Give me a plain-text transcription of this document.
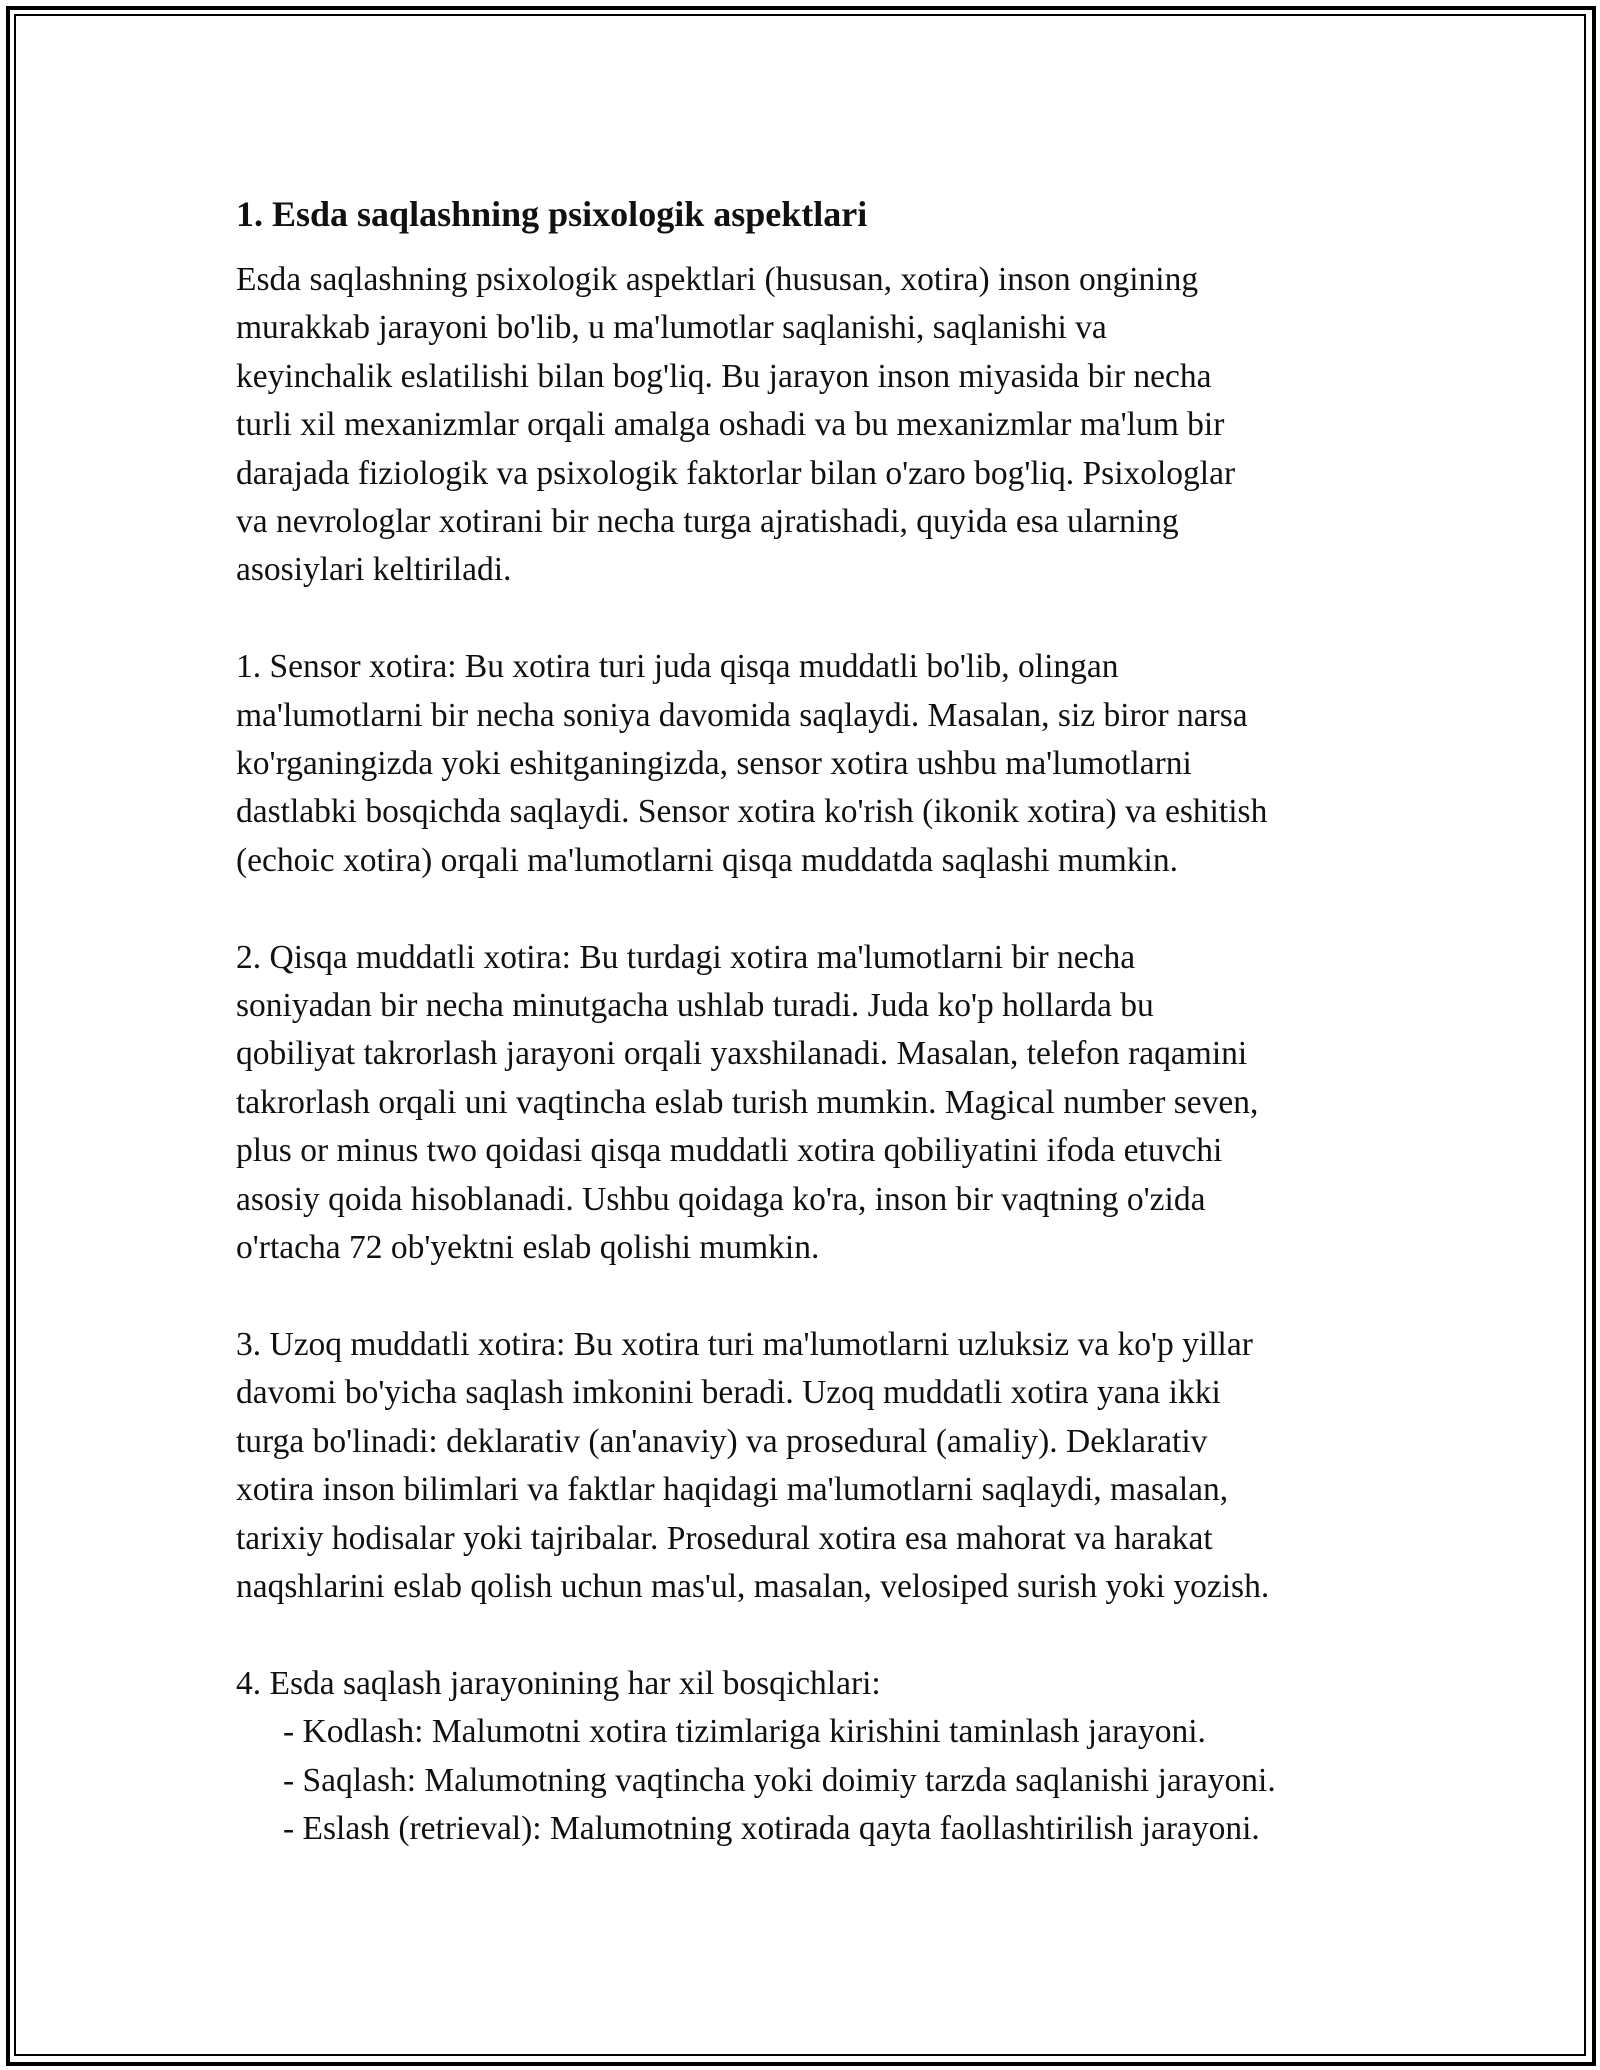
1. Esda saqlashning psixologik aspektlari
Esda saqlashning psixologik aspektlari (hususan, xotira) inson ongining
murakkab jarayoni bo'lib, u ma'lumotlar saqlanishi, saqlanishi va
keyinchalik eslatilishi bilan bog'liq. Bu jarayon inson miyasida bir necha
turli xil mexanizmlar orqali amalga oshadi va bu mexanizmlar ma'lum bir
darajada fiziologik va psixologik faktorlar bilan o'zaro bog'liq. Psixologlar
va nevrologlar xotirani bir necha turga ajratishadi, quyida esa ularning
asosiylari keltiriladi.
1. Sensor xotira: Bu xotira turi juda qisqa muddatli bo'lib, olingan
ma'lumotlarni bir necha soniya davomida saqlaydi. Masalan, siz biror narsa
ko'rganingizda yoki eshitganingizda, sensor xotira ushbu ma'lumotlarni
dastlabki bosqichda saqlaydi. Sensor xotira ko'rish (ikonik xotira) va eshitish
(echoic xotira) orqali ma'lumotlarni qisqa muddatda saqlashi mumkin.
2. Qisqa muddatli xotira: Bu turdagi xotira ma'lumotlarni bir necha
soniyadan bir necha minutgacha ushlab turadi. Juda ko'p hollarda bu
qobiliyat takrorlash jarayoni orqali yaxshilanadi. Masalan, telefon raqamini
takrorlash orqali uni vaqtincha eslab turish mumkin. Magical number seven,
plus or minus two qoidasi qisqa muddatli xotira qobiliyatini ifoda etuvchi
asosiy qoida hisoblanadi. Ushbu qoidaga ko'ra, inson bir vaqtning o'zida
o'rtacha 72 ob'yektni eslab qolishi mumkin.
3. Uzoq muddatli xotira: Bu xotira turi ma'lumotlarni uzluksiz va ko'p yillar
davomi bo'yicha saqlash imkonini beradi. Uzoq muddatli xotira yana ikki
turga bo'linadi: deklarativ (an'anaviy) va prosedural (amaliy). Deklarativ
xotira inson bilimlari va faktlar haqidagi ma'lumotlarni saqlaydi, masalan,
tarixiy hodisalar yoki tajribalar. Prosedural xotira esa mahorat va harakat
naqshlarini eslab qolish uchun mas'ul, masalan, velosiped surish yoki yozish.
4. Esda saqlash jarayonining har xil bosqichlari:
- Kodlash: Malumotni xotira tizimlariga kirishini taminlash jarayoni.
- Saqlash: Malumotning vaqtincha yoki doimiy tarzda saqlanishi jarayoni.
- Eslash (retrieval): Malumotning xotirada qayta faollashtirilish jarayoni.
